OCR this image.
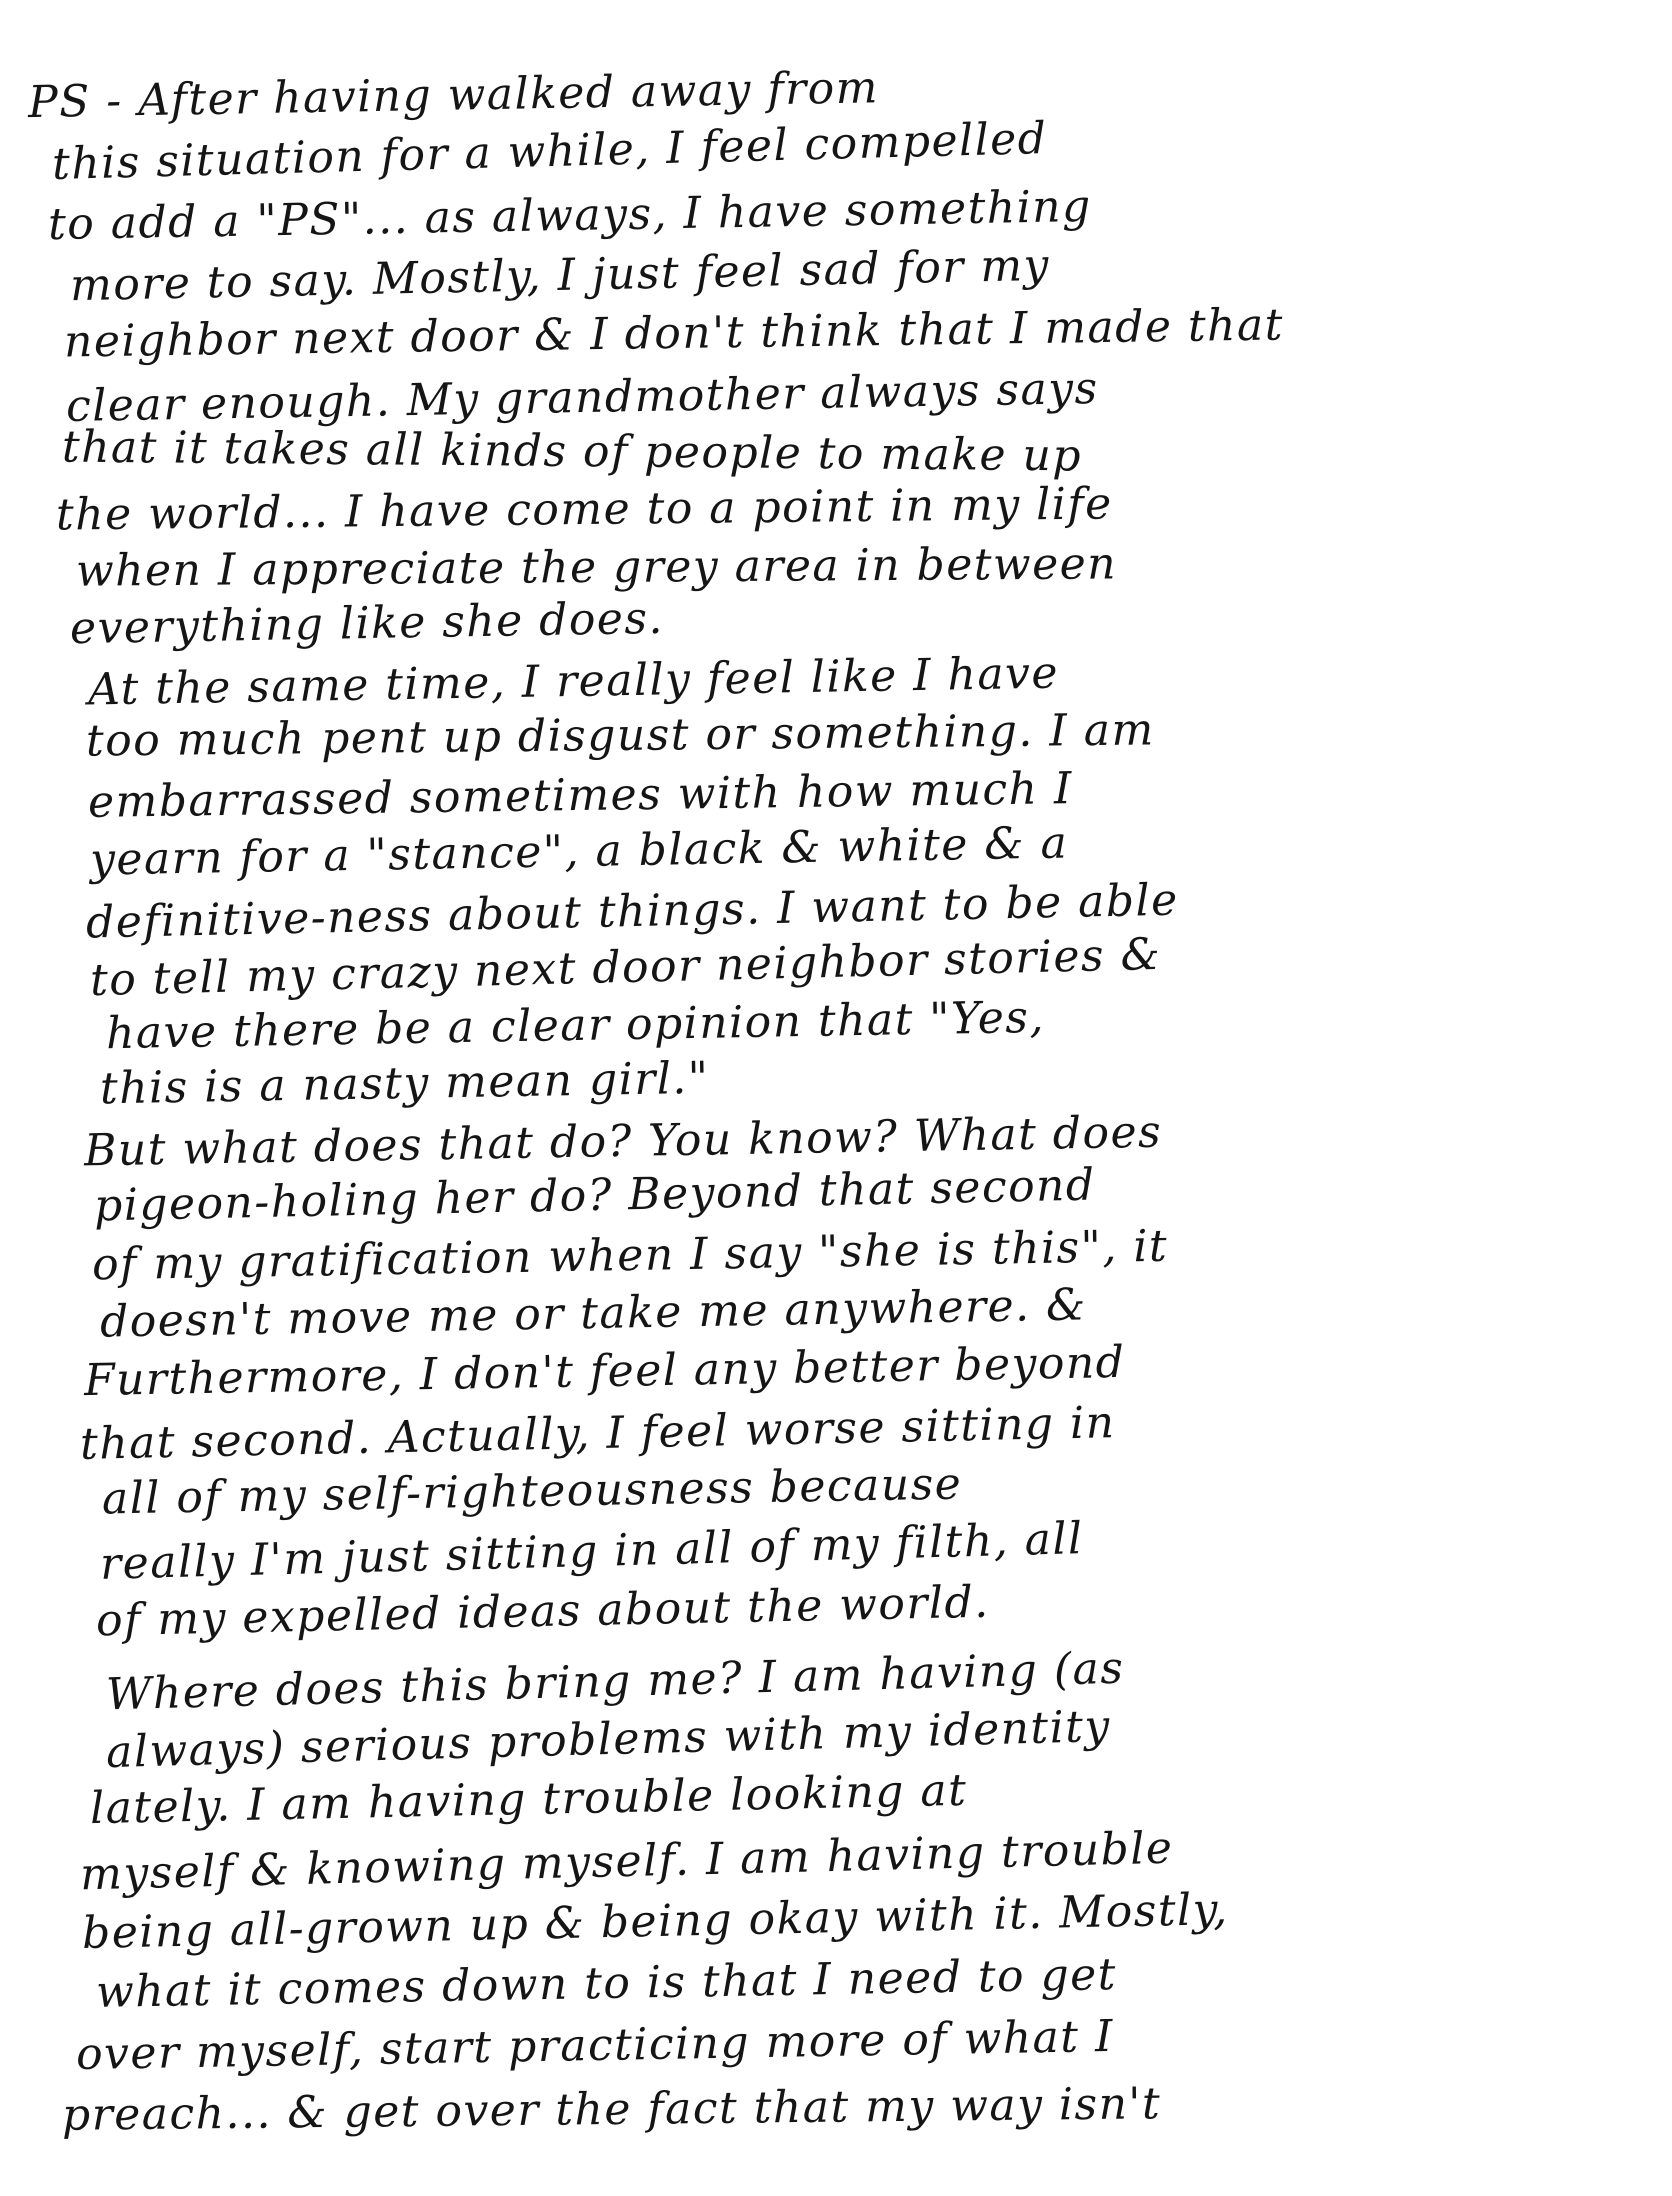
PS - After having walked away from
this situation for a while, I feel compelled
to add a "PS"... as always, I have something
more to say. Mostly, I just feel sad for my
neighbor next door & I don't think that I made that
clear enough. My grandmother always says
that it takes all kinds of people to make up
the world... I have come to a point in my life
when I appreciate the grey area in between
everything like she does.
At the same time, I really feel like I have
too much pent up disgust or something. I am
embarrassed sometimes with how much I
yearn for a "stance", a black & white & a
definitive-ness about things. I want to be able
to tell my crazy next door neighbor stories &
have there be a clear opinion that "Yes,
this is a nasty mean girl."
But what does that do? You know? What does
pigeon-holing her do? Beyond that second
of my gratification when I say "she is this", it
doesn't move me or take me anywhere. &
Furthermore, I don't feel any better beyond
that second. Actually, I feel worse sitting in
all of my self-righteousness because
really I'm just sitting in all of my filth, all
of my expelled ideas about the world.
Where does this bring me? I am having (as
always) serious problems with my identity
lately. I am having trouble looking at
myself & knowing myself. I am having trouble
being all-grown up & being okay with it. Mostly,
what it comes down to is that I need to get
over myself, start practicing more of what I
preach... & get over the fact that my way isn't
